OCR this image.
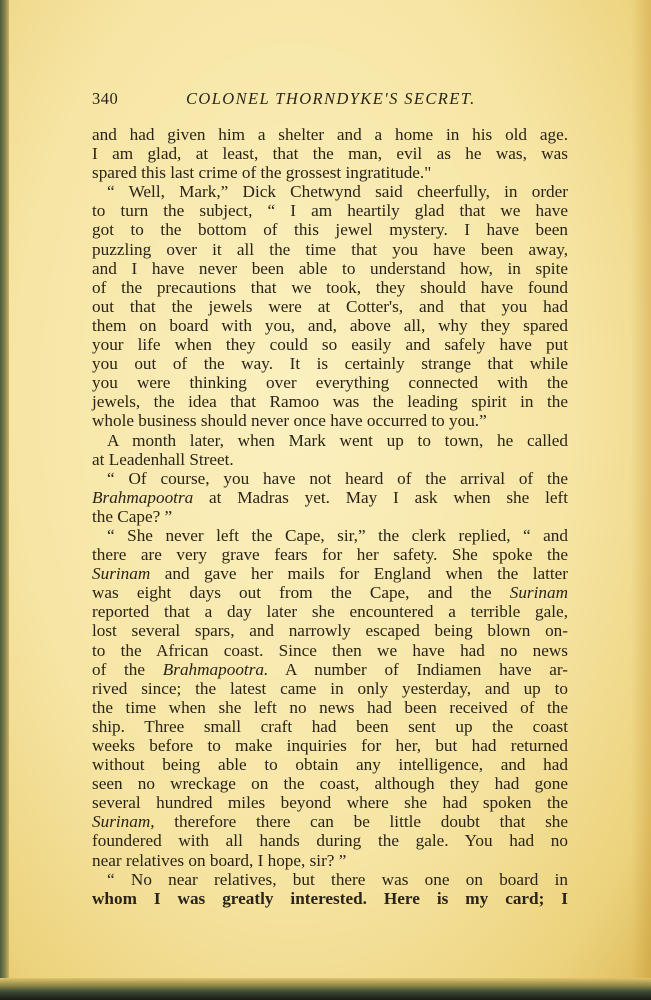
340	COLONEL THORNDYKE'S SECRET.
and had given him a shelter and a home in his old age.
I am glad, at least, that the man, evil as he was, was
spared this last crime of the grossest ingratitude."
“ Well, Mark,” Dick Chetwynd said cheerfully, in order
to turn the subject, “ I am heartily glad that we have
got to the bottom of this jewel mystery. I have been
puzzling over it all the time that you have been away,
and I have never been able to understand how, in spite
of the precautions that we took, they should have found
out that the jewels were at Cotter's, and that you had
them on board with you, and, above all, why they spared
your life when they could so easily and safely have put
you out of the way. It is certainly strange that while
you were thinking over everything connected with the
jewels, the idea that Ramoo was the leading spirit in the
whole business should never once have occurred to you.”
A month later, when Mark went up to town, he called
at Leadenhall Street.
“ Of course, you have not heard of the arrival of the
Brahmapootra at Madras yet. May I ask when she left
the Cape? ”
“ She never left the Cape, sir,” the clerk replied, “ and
there are very grave fears for her safety. She spoke the
Surinam and gave her mails for England when the latter
was eight days out from the Cape, and the Surinam
reported that a day later she encountered a terrible gale,
lost several spars, and narrowly escaped being blown on-
to the African coast. Since then we have had no news
of the Brahmapootra. A number of Indiamen have ar-
rived since; the latest came in only yesterday, and up to
the time when she left no news had been received of the
ship. Three small craft had been sent up the coast
weeks before to make inquiries for her, but had returned
without being able to obtain any intelligence, and had
seen no wreckage on the coast, although they had gone
several hundred miles beyond where she had spoken the
Surinam, therefore there can be little doubt that she
foundered with all hands during the gale. You had no
near relatives on board, I hope, sir? ”
“ No near relatives, but there was one on board in
whom I was greatly interested. Here is my card; I
